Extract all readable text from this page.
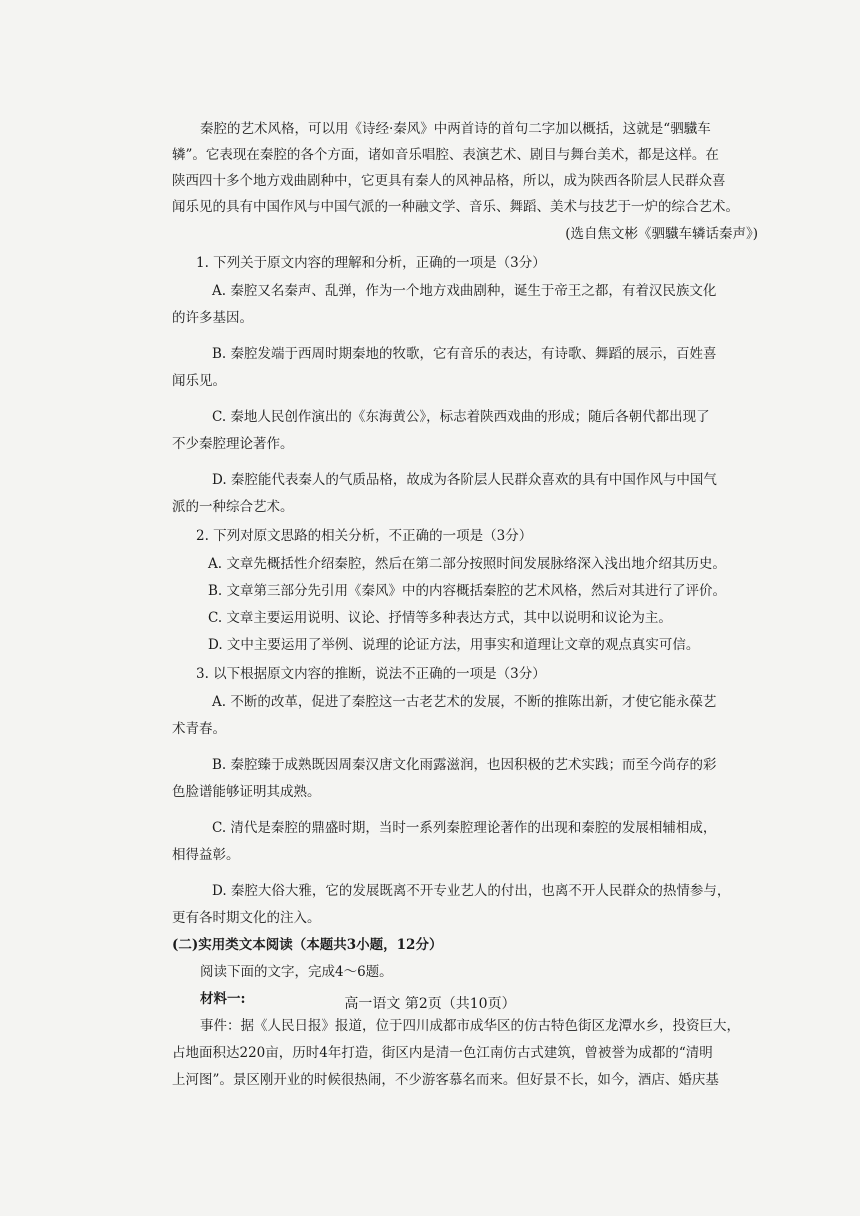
秦腔的艺术风格，可以用《诗经·秦风》中两首诗的首句二字加以概括，这就是“驷驖车

辚”。它表现在秦腔的各个方面，诸如音乐唱腔、表演艺术、剧目与舞台美术，都是这样。在

陕西四十多个地方戏曲剧种中，它更具有秦人的风神品格，所以，成为陕西各阶层人民群众喜

闻乐见的具有中国作风与中国气派的一种融文学、音乐、舞蹈、美术与技艺于一炉的综合艺术。

(选自焦文彬《驷驖车辚话秦声》)

1. 下列关于原文内容的理解和分析，正确的一项是（3分）

A. 秦腔又名秦声、乱弹，作为一个地方戏曲剧种，诞生于帝王之都，有着汉民族文化
的许多基因。
B. 秦腔发端于西周时期秦地的牧歌，它有音乐的表达，有诗歌、舞蹈的展示，百姓喜
闻乐见。
C. 秦地人民创作演出的《东海黄公》，标志着陕西戏曲的形成；随后各朝代都出现了
不少秦腔理论著作。
D. 秦腔能代表秦人的气质品格，故成为各阶层人民群众喜欢的具有中国作风与中国气
派的一种综合艺术。

2. 下列对原文思路的相关分析，不正确的一项是（3分）

A. 文章先概括性介绍秦腔，然后在第二部分按照时间发展脉络深入浅出地介绍其历史。

B. 文章第三部分先引用《秦风》中的内容概括秦腔的艺术风格，然后对其进行了评价。

C. 文章主要运用说明、议论、抒情等多种表达方式，其中以说明和议论为主。

D. 文中主要运用了举例、说理的论证方法，用事实和道理让文章的观点真实可信。

3. 以下根据原文内容的推断，说法不正确的一项是（3分）

A. 不断的改革，促进了秦腔这一古老艺术的发展，不断的推陈出新，才使它能永葆艺
术青春。
B. 秦腔臻于成熟既因周秦汉唐文化雨露滋润，也因积极的艺术实践；而至今尚存的彩
色脸谱能够证明其成熟。
C. 清代是秦腔的鼎盛时期，当时一系列秦腔理论著作的出现和秦腔的发展相辅相成，
相得益彰。
D. 秦腔大俗大雅，它的发展既离不开专业艺人的付出，也离不开人民群众的热情参与，
更有各时期文化的注入。

(二)实用类文本阅读（本题共3小题，12分）

阅读下面的文字，完成4～6题。

材料一:

事件：据《人民日报》报道，位于四川成都市成华区的仿古特色街区龙潭水乡，投资巨大，

占地面积达220亩，历时4年打造，街区内是清一色江南仿古式建筑，曾被誉为成都的“清明

上河图”。景区刚开业的时候很热闹，不少游客慕名而来。但好景不长，如今，酒店、婚庆基

高一语文 第2页（共10页）
